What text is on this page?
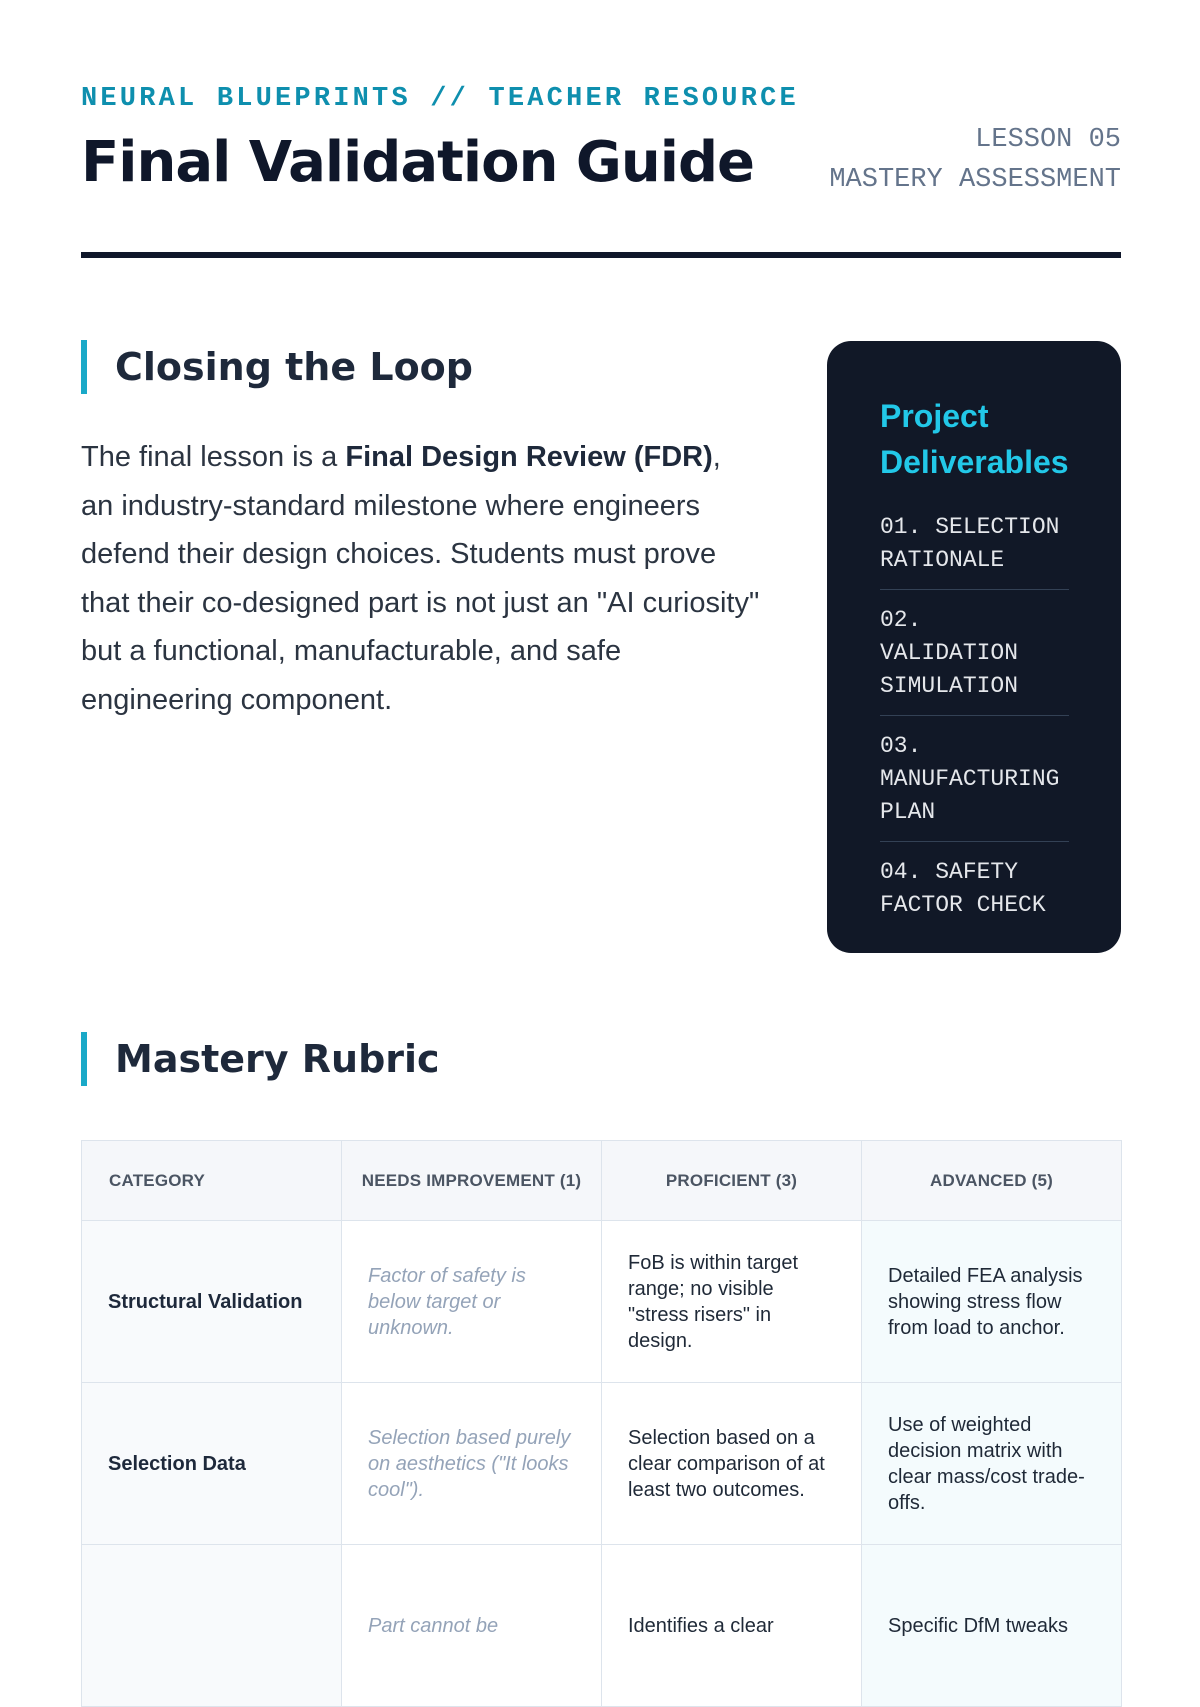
NEURAL BLUEPRINTS // TEACHER RESOURCE
Final Validation Guide	LESSON 05
MASTERY ASSESSMENT
Closing the Loop

The final lesson is a Final Design Review (FDR), an industry-standard milestone where engineers defend their design choices. Students must prove that their co-designed part is not just an "AI curiosity" but a functional, manufacturable, and safe engineering component.

Project Deliverables
01. SELECTION RATIONALE
02. VALIDATION SIMULATION
03. MANUFACTURING PLAN
04. SAFETY FACTOR CHECK
Mastery Rubric
CATEGORY	NEEDS IMPROVEMENT (1)	PROFICIENT (3)	ADVANCED (5)
Structural Validation	Factor of safety is below target or unknown.	FoB is within target range; no visible "stress risers" in design.	Detailed FEA analysis showing stress flow from load to anchor.
Selection Data	Selection based purely on aesthetics ("It looks cool").	Selection based on a clear comparison of at least two outcomes.	Use of weighted decision matrix with clear mass/cost trade-offs.
	Part cannot be	Identifies a clear	Specific DfM tweaks
